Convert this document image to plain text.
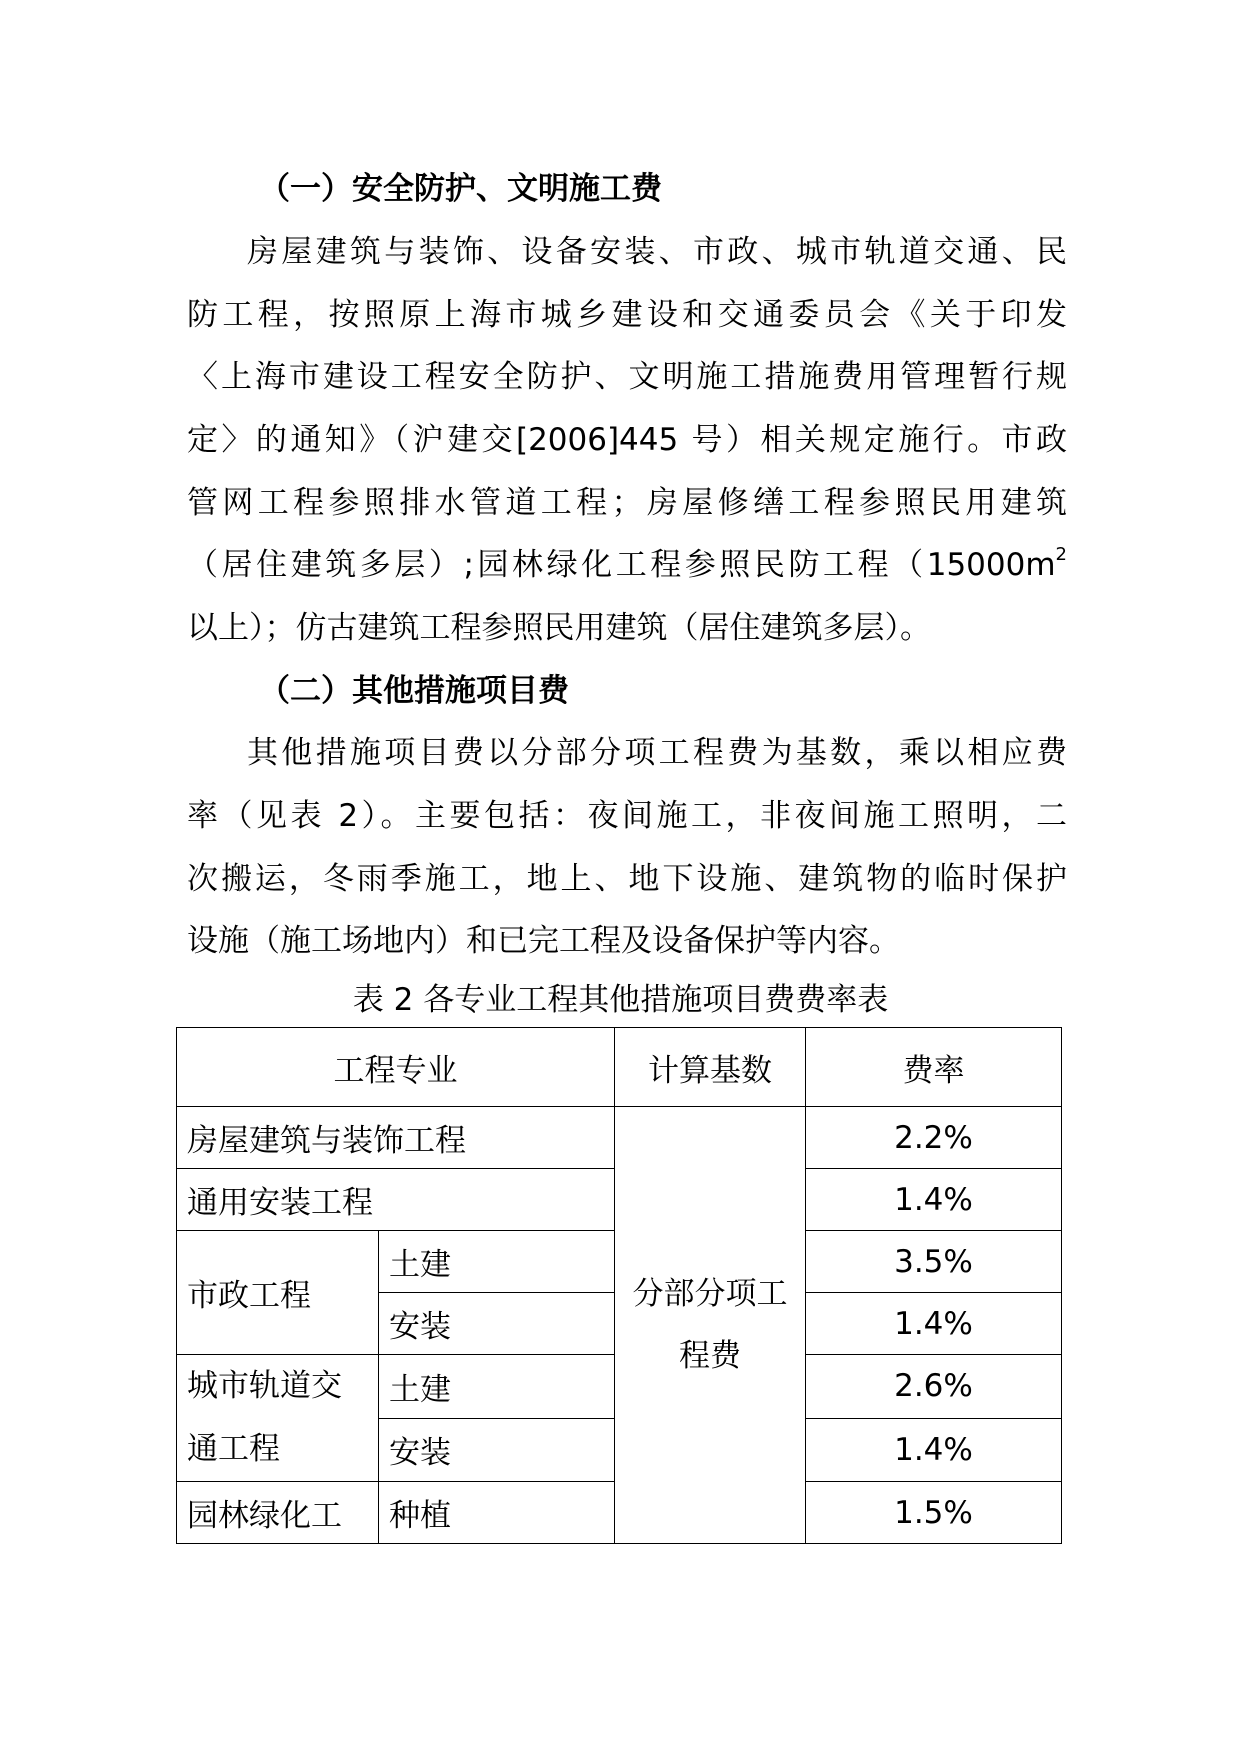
（一）安全防护、文明施工费

房屋建筑与装饰、设备安装、市政、城市轨道交通、民

防工程，按照原上海市城乡建设和交通委员会《关于印发

〈上海市建设工程安全防护、文明施工措施费用管理暂行规

定〉的通知》（沪建交[2006]445 号）相关规定施行。市政

管网工程参照排水管道工程；房屋修缮工程参照民用建筑

（居住建筑多层）;园林绿化工程参照民防工程（$15000m^2$

以上）；仿古建筑工程参照民用建筑（居住建筑多层）。

（二）其他措施项目费

其他措施项目费以分部分项工程费为基数，乘以相应费

率（见表 2）。主要包括：夜间施工，非夜间施工照明，二

次搬运，冬雨季施工，地上、地下设施、建筑物的临时保护

设施（施工场地内）和已完工程及设备保护等内容。

表 2 各专业工程其他措施项目费费率表

工程专业		计算基数	费率
房屋建筑与装饰工程		分部分项工程费	2.2%
通用安装工程			1.4%
市政工程	土建		3.5%
	安装		1.4%
城市轨道交通工程	土建		2.6%
	安装		1.4%
园林绿化工	种植		1.5%
